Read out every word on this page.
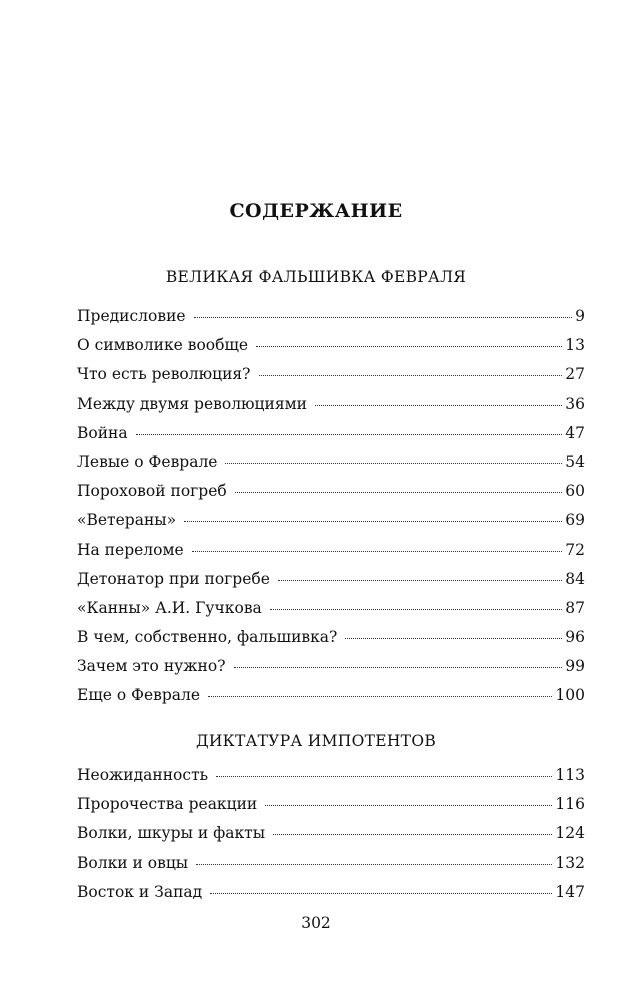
СОДЕРЖАНИЕ
ВЕЛИКАЯ ФАЛЬШИВКА ФЕВРАЛЯ
Предисловие	9
О символике вообще	13
Что есть революция?	27
Между двумя революциями	36
Война	47
Левые о Феврале	54
Пороховой погреб	60
«Ветераны»	69
На переломе	72
Детонатор при погребе	84
«Канны» А.И. Гучкова	87
В чем, собственно, фальшивка?	96
Зачем это нужно?	99
Еще о Феврале	100
ДИКТАТУРА ИМПОТЕНТОВ
Неожиданность	113
Пророчества реакции	116
Волки, шкуры и факты	124
Волки и овцы	132
Восток и Запад	147
302
